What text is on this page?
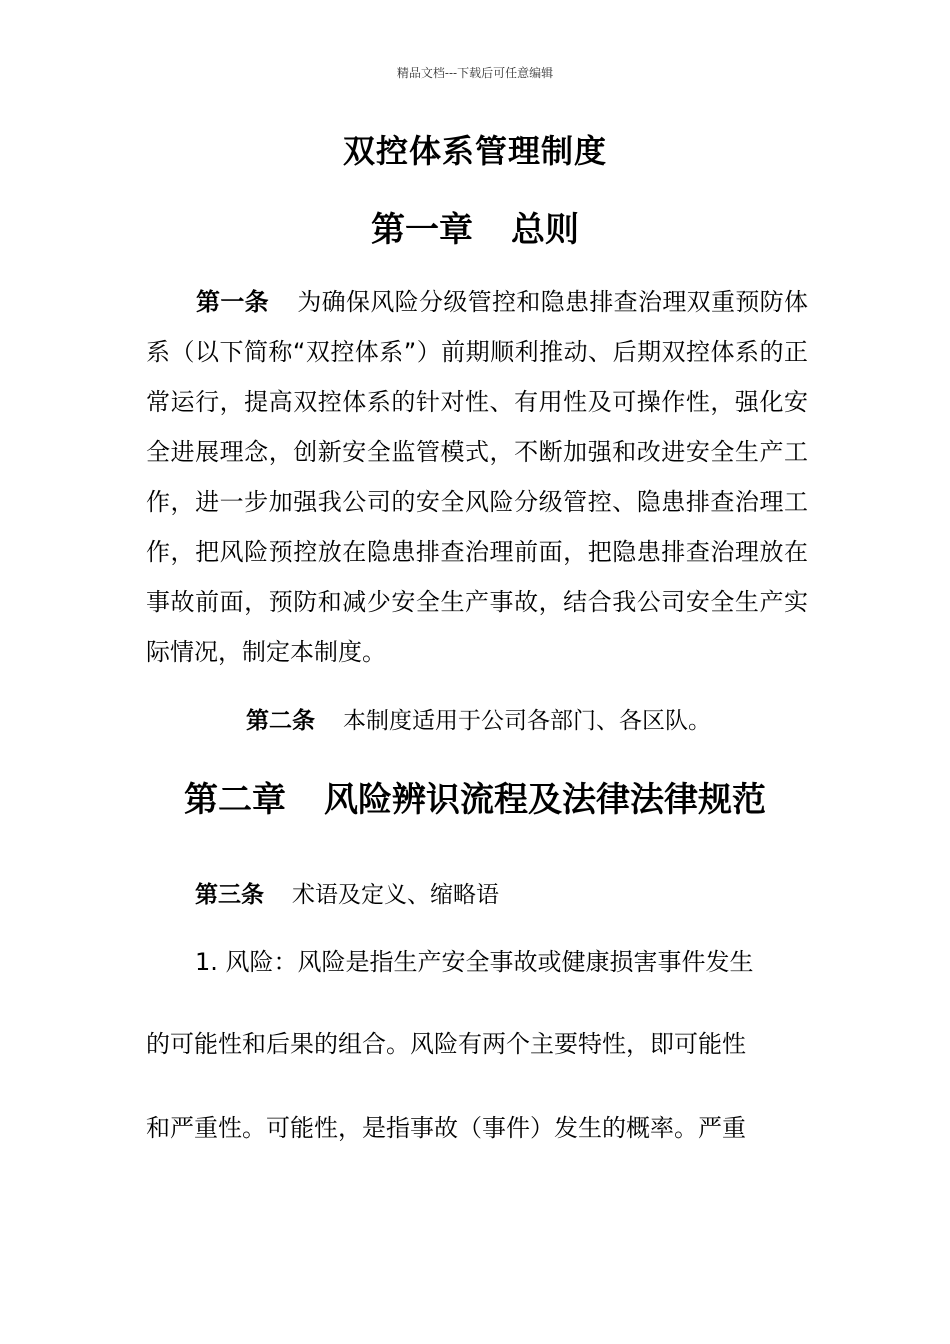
精品文档---下载后可任意编辑
双控体系管理制度
第一章 总则

第一条 为确保风险分级管控和隐患排查治理双重预防体系（以下简称“双控体系”）前期顺利推动、后期双控体系的正常运行，提高双控体系的针对性、有用性及可操作性，强化安全进展理念，创新安全监管模式，不断加强和改进安全生产工作，进一步加强我公司的安全风险分级管控、隐患排查治理工作，把风险预控放在隐患排查治理前面，把隐患排查治理放在事故前面，预防和减少安全生产事故，结合我公司安全生产实际情况，制定本制度。

第二条 本制度适用于公司各部门、各区队。

第二章 风险辨识流程及法律法律规范

第三条 术语及定义、缩略语

1. 风险：风险是指生产安全事故或健康损害事件发生

的可能性和后果的组合。风险有两个主要特性，即可能性

和严重性。可能性，是指事故（事件）发生的概率。严重
